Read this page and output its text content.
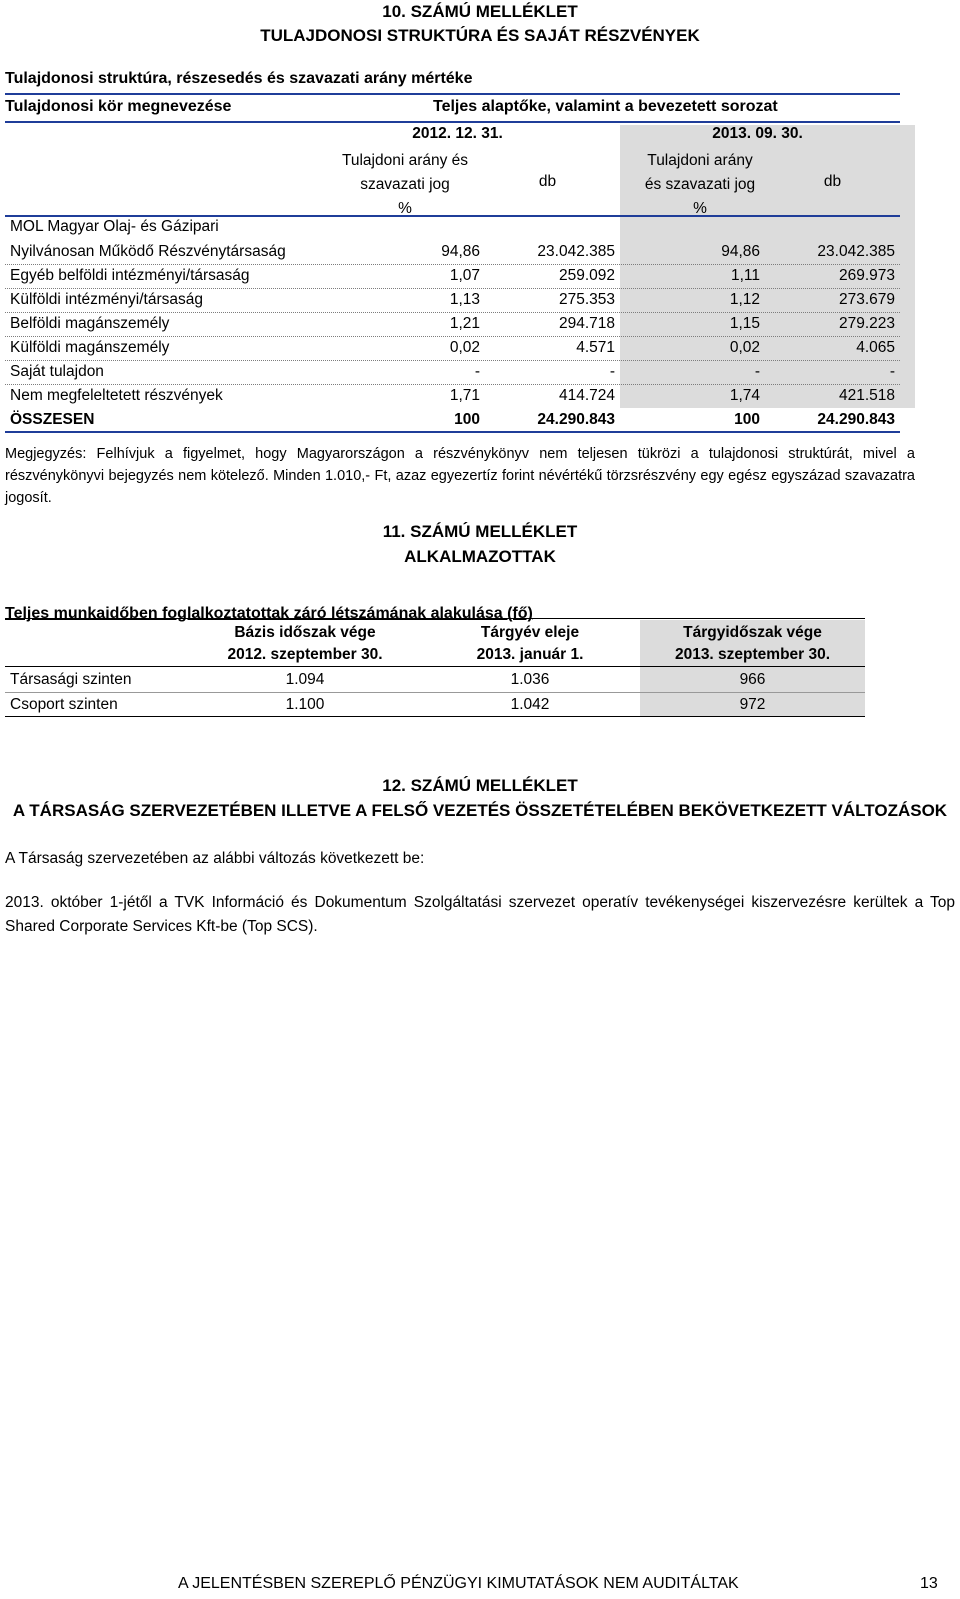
10. SZÁMÚ MELLÉKLET
TULAJDONOSI STRUKTÚRA ÉS SAJÁT RÉSZVÉNYEK
Tulajdonosi struktúra, részesedés és szavazati arány mértéke
Tulajdonosi kör megnevezése	Teljes alaptőke, valamint a bevezetett sorozat
2012. 12. 31.	2013. 09. 30.
Tulajdoni arány és
szavazati jog
%
db
Tulajdoni arány
és szavazati jog
%
db
MOL Magyar Olaj- és Gázipari
Nyilvánosan Működő Részvénytársaság	94,86	23.042.385	94,86	23.042.385
Egyéb belföldi intézményi/társaság	1,07	259.092	1,11	269.973
Külföldi intézményi/társaság	1,13	275.353	1,12	273.679
Belföldi magánszemély	1,21	294.718	1,15	279.223
Külföldi magánszemély	0,02	4.571	0,02	4.065
Saját tulajdon	-	-	-	-
Nem megfeleltetett részvények	1,71	414.724	1,74	421.518
ÖSSZESEN	100	24.290.843	100	24.290.843
Megjegyzés: Felhívjuk a figyelmet, hogy Magyarországon a részvénykönyv nem teljesen tükrözi a tulajdonosi struktúrát, mivel a részvénykönyvi bejegyzés nem kötelező. Minden 1.010,- Ft, azaz egyezertíz forint névértékű törzsrészvény egy egész egyszázad szavazatra jogosít.
11. SZÁMÚ MELLÉKLET
ALKALMAZOTTAK
Teljes munkaidőben foglalkoztatottak záró létszámának alakulása (fő)
Bázis időszak vége
2012. szeptember 30.
Tárgyév eleje
2013. január 1.
Tárgyidőszak vége
2013. szeptember 30.
Társasági szinten	1.094	1.036	966
Csoport szinten	1.100	1.042	972
12. SZÁMÚ MELLÉKLET
A TÁRSASÁG SZERVEZETÉBEN ILLETVE A FELSŐ VEZETÉS ÖSSZETÉTELÉBEN BEKÖVETKEZETT VÁLTOZÁSOK
A Társaság szervezetében az alábbi változás következett be:
2013. október 1-jétől a TVK Információ és Dokumentum Szolgáltatási szervezet operatív tevékenységei kiszervezésre kerültek a Top Shared Corporate Services Kft-be (Top SCS).
A JELENTÉSBEN SZEREPLŐ PÉNZÜGYI KIMUTATÁSOK NEM AUDITÁLTAK	13
